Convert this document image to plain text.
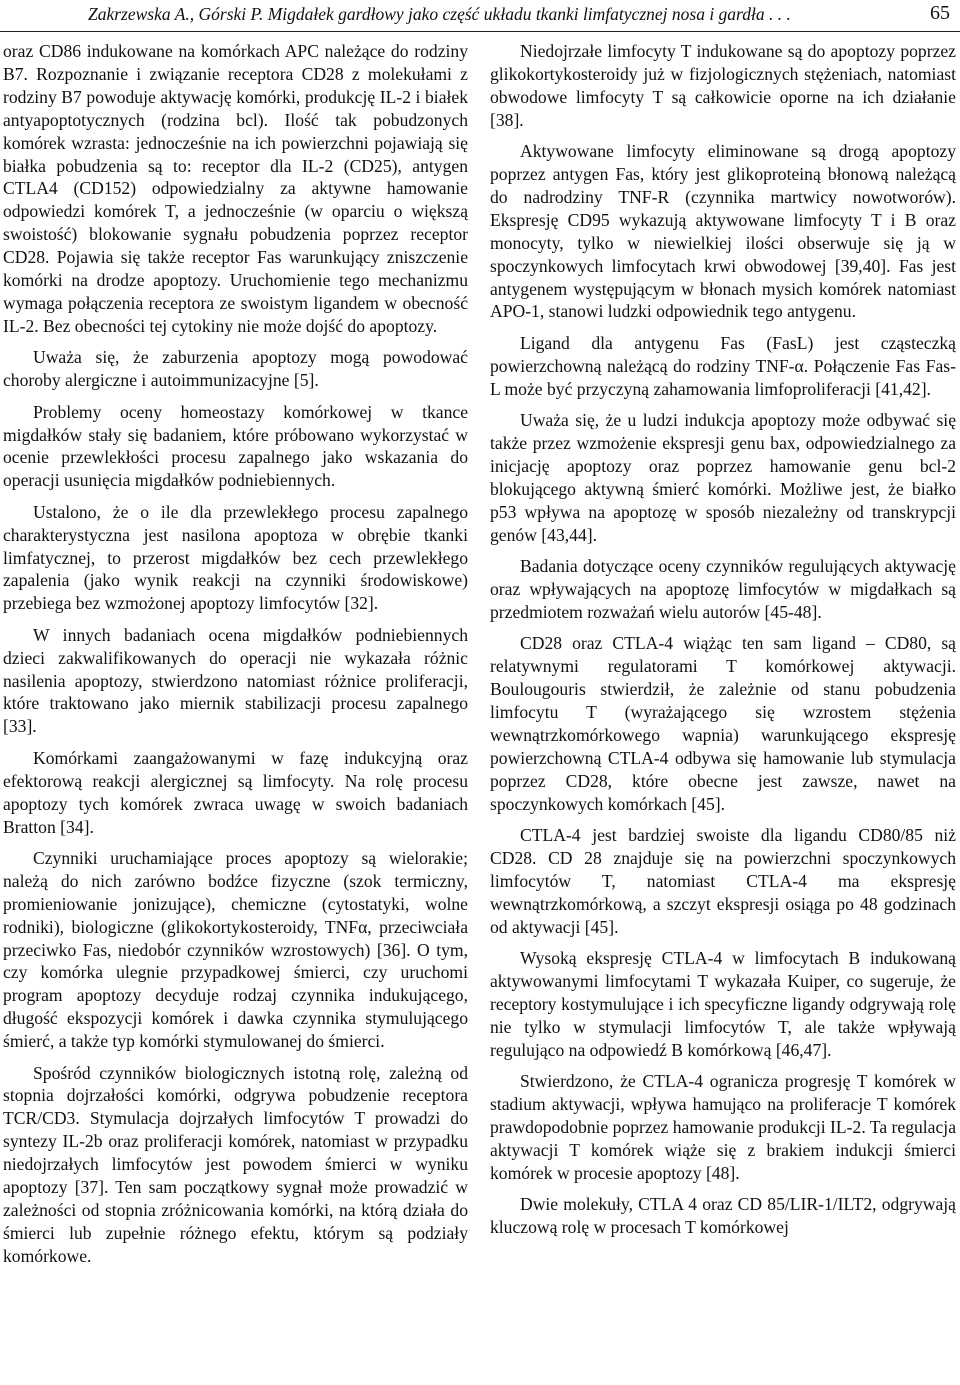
Zakrzewska A., Górski P. Migdałek gardłowy jako część układu tkanki limfatycznej nosa i gardła . . .	65

oraz CD86 indukowane na komórkach APC należące do rodziny B7. Rozpoznanie i związanie receptora CD28 z molekułami z rodziny B7 powoduje aktywację komórki, produkcję IL-2 i białek antyapoptotycznych (rodzina bcl). Ilość tak pobudzonych komórek wzrasta: jednocześnie na ich powierzchni pojawiają się białka pobudzenia są to: receptor dla IL-2 (CD25), antygen CTLA4 (CD152) odpowiedzialny za aktywne hamowanie odpowiedzi komórek T, a jednocześnie (w oparciu o większą swoistość) blokowanie sygnału pobudzenia poprzez receptor CD28. Pojawia się także receptor Fas warunkujący zniszczenie komórki na drodze apoptozy. Uruchomienie tego mechanizmu wymaga połączenia receptora ze swoistym ligandem w obecność IL-2. Bez obecności tej cytokiny nie może dojść do apoptozy.

Uważa się, że zaburzenia apoptozy mogą powodować choroby alergiczne i autoimmunizacyjne [5].

Problemy oceny homeostazy komórkowej w tkance migdałków stały się badaniem, które próbowano wykorzystać w ocenie przewlekłości procesu zapalnego jako wskazania do operacji usunięcia migdałków podniebiennych.

Ustalono, że o ile dla przewlekłego procesu zapalnego charakterystyczna jest nasilona apoptoza w obrębie tkanki limfatycznej, to przerost migdałków bez cech przewlekłego zapalenia (jako wynik reakcji na czynniki środowiskowe) przebiega bez wzmożonej apoptozy limfocytów [32].

W innych badaniach ocena migdałków podniebiennych dzieci zakwalifikowanych do operacji nie wykazała różnic nasilenia apoptozy, stwierdzono natomiast różnice proliferacji, które traktowano jako miernik stabilizacji procesu zapalnego [33].

Komórkami zaangażowanymi w fazę indukcyjną oraz efektorową reakcji alergicznej są limfocyty. Na rolę procesu apoptozy tych komórek zwraca uwagę w swoich badaniach Bratton [34].

Czynniki uruchamiające proces apoptozy są wielorakie; należą do nich zarówno bodźce fizyczne (szok termiczny, promieniowanie jonizujące), chemiczne (cytostatyki, wolne rodniki), biologiczne (glikokortykosteroidy, TNFα, przeciwciała przeciwko Fas, niedobór czynników wzrostowych) [36]. O tym, czy komórka ulegnie przypadkowej śmierci, czy uruchomi program apoptozy decyduje rodzaj czynnika indukującego, długość ekspozycji komórek i dawka czynnika stymulującego śmierć, a także typ komórki stymulowanej do śmierci.

Spośród czynników biologicznych istotną rolę, zależną od stopnia dojrzałości komórki, odgrywa pobudzenie receptora TCR/CD3. Stymulacja dojrzałych limfocytów T prowadzi do syntezy IL-2b oraz proliferacji komórek, natomiast w przypadku niedojrzałych limfocytów jest powodem śmierci w wyniku apoptozy [37]. Ten sam początkowy sygnał może prowadzić w zależności od stopnia zróżnicowania komórki, na którą działa do śmierci lub zupełnie różnego efektu, którym są podziały komórkowe.

Niedojrzałe limfocyty T indukowane są do apoptozy poprzez glikokortykosteroidy już w fizjologicznych stężeniach, natomiast obwodowe limfocyty T są całkowicie oporne na ich działanie [38].

Aktywowane limfocyty eliminowane są drogą apoptozy poprzez antygen Fas, który jest glikoproteiną błonową należącą do nadrodziny TNF-R (czynnika martwicy nowotworów). Ekspresję CD95 wykazują aktywowane limfocyty T i B oraz monocyty, tylko w niewielkiej ilości obserwuje się ją w spoczynkowych limfocytach krwi obwodowej [39,40]. Fas jest antygenem występującym w błonach mysich komórek natomiast APO-1, stanowi ludzki odpowiednik tego antygenu.

Ligand dla antygenu Fas (FasL) jest cząsteczką powierzchowną należącą do rodziny TNF-α. Połączenie Fas Fas-L może być przyczyną zahamowania limfoproliferacji [41,42].

Uważa się, że u ludzi indukcja apoptozy może odbywać się także przez wzmożenie ekspresji genu bax, odpowiedzialnego za inicjację apoptozy oraz poprzez hamowanie genu bcl-2 blokującego aktywną śmierć komórki. Możliwe jest, że białko p53 wpływa na apoptozę w sposób niezależny od transkrypcji genów [43,44].

Badania dotyczące oceny czynników regulujących aktywację oraz wpływających na apoptozę limfocytów w migdałkach są przedmiotem rozważań wielu autorów [45-48].

CD28 oraz CTLA-4 wiążąc ten sam ligand – CD80, są relatywnymi regulatorami T komórkowej aktywacji. Boulougouris stwierdził, że zależnie od stanu pobudzenia limfocytu T (wyrażającego się wzrostem stężenia wewnątrzkomórkowego wapnia) warunkującego ekspresję powierzchowną CTLA-4 odbywa się hamowanie lub stymulacja poprzez CD28, które obecne jest zawsze, nawet na spoczynkowych komórkach [45].

CTLA-4 jest bardziej swoiste dla ligandu CD80/85 niż CD28. CD 28 znajduje się na powierzchni spoczynkowych limfocytów T, natomiast CTLA-4 ma ekspresję wewnątrzkomórkową, a szczyt ekspresji osiąga po 48 godzinach od aktywacji [45].

Wysoką ekspresję CTLA-4 w limfocytach B indukowaną aktywowanymi limfocytami T wykazała Kuiper, co sugeruje, że receptory kostymulujące i ich specyficzne ligandy odgrywają rolę nie tylko w stymulacji limfocytów T, ale także wpływają regulująco na odpowiedź B komórkową [46,47].

Stwierdzono, że CTLA-4 ogranicza progresję T komórek w stadium aktywacji, wpływa hamująco na proliferacje T komórek prawdopodobnie poprzez hamowanie produkcji IL-2. Ta regulacja aktywacji T komórek wiąże się z brakiem indukcji śmierci komórek w procesie apoptozy [48].

Dwie molekuły, CTLA 4 oraz CD 85/LIR-1/ILT2, odgrywają kluczową rolę w procesach T komórkowej
